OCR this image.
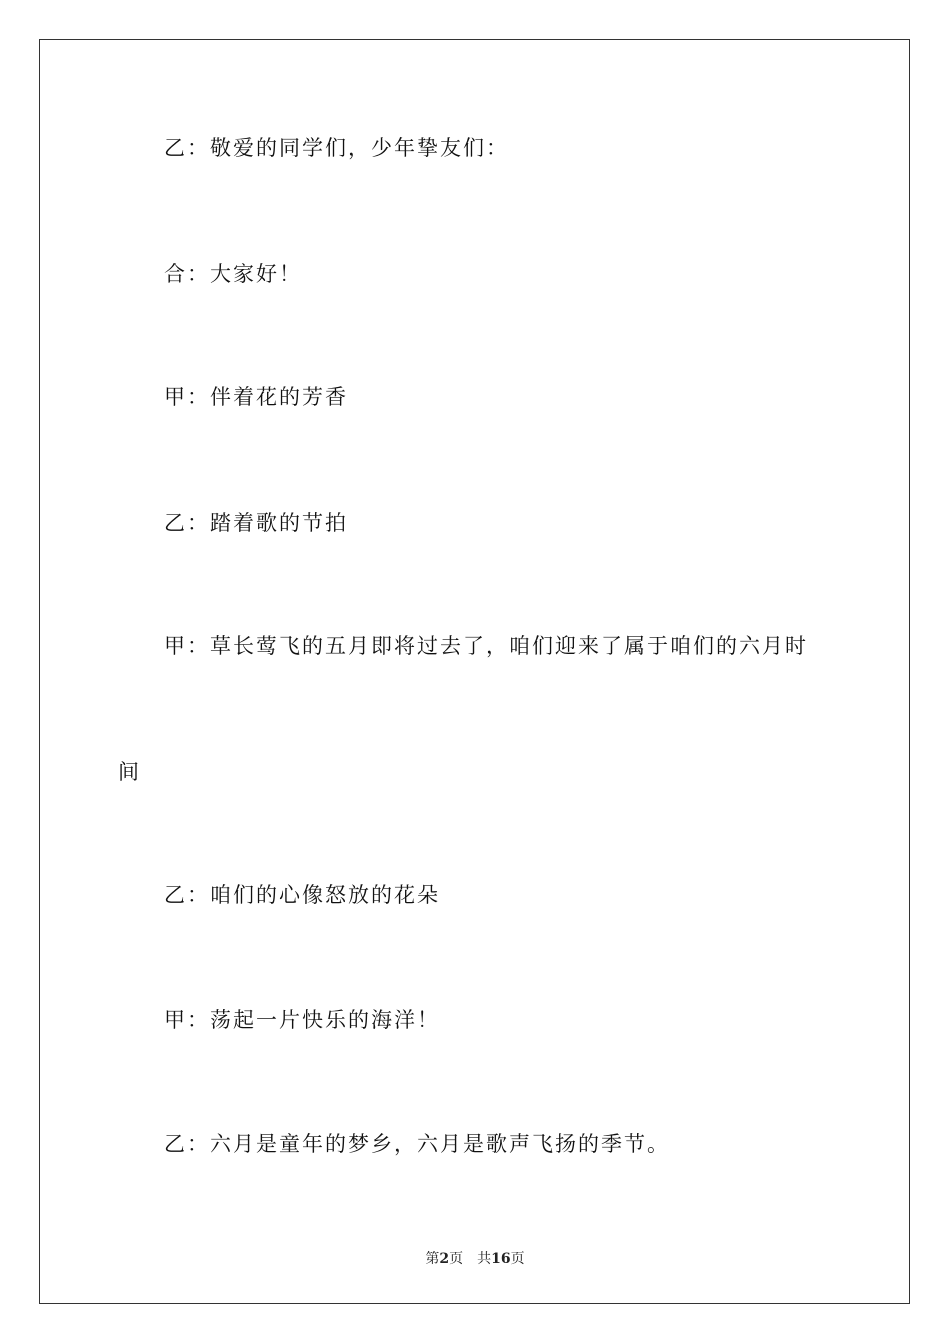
乙：敬爱的同学们，少年挚友们：
合：大家好！
甲：伴着花的芳香
乙：踏着歌的节拍
甲：草长莺飞的五月即将过去了，咱们迎来了属于咱们的六月时
间
乙：咱们的心像怒放的花朵
甲：荡起一片快乐的海洋！
乙：六月是童年的梦乡，六月是歌声飞扬的季节。
第2页 共16页
